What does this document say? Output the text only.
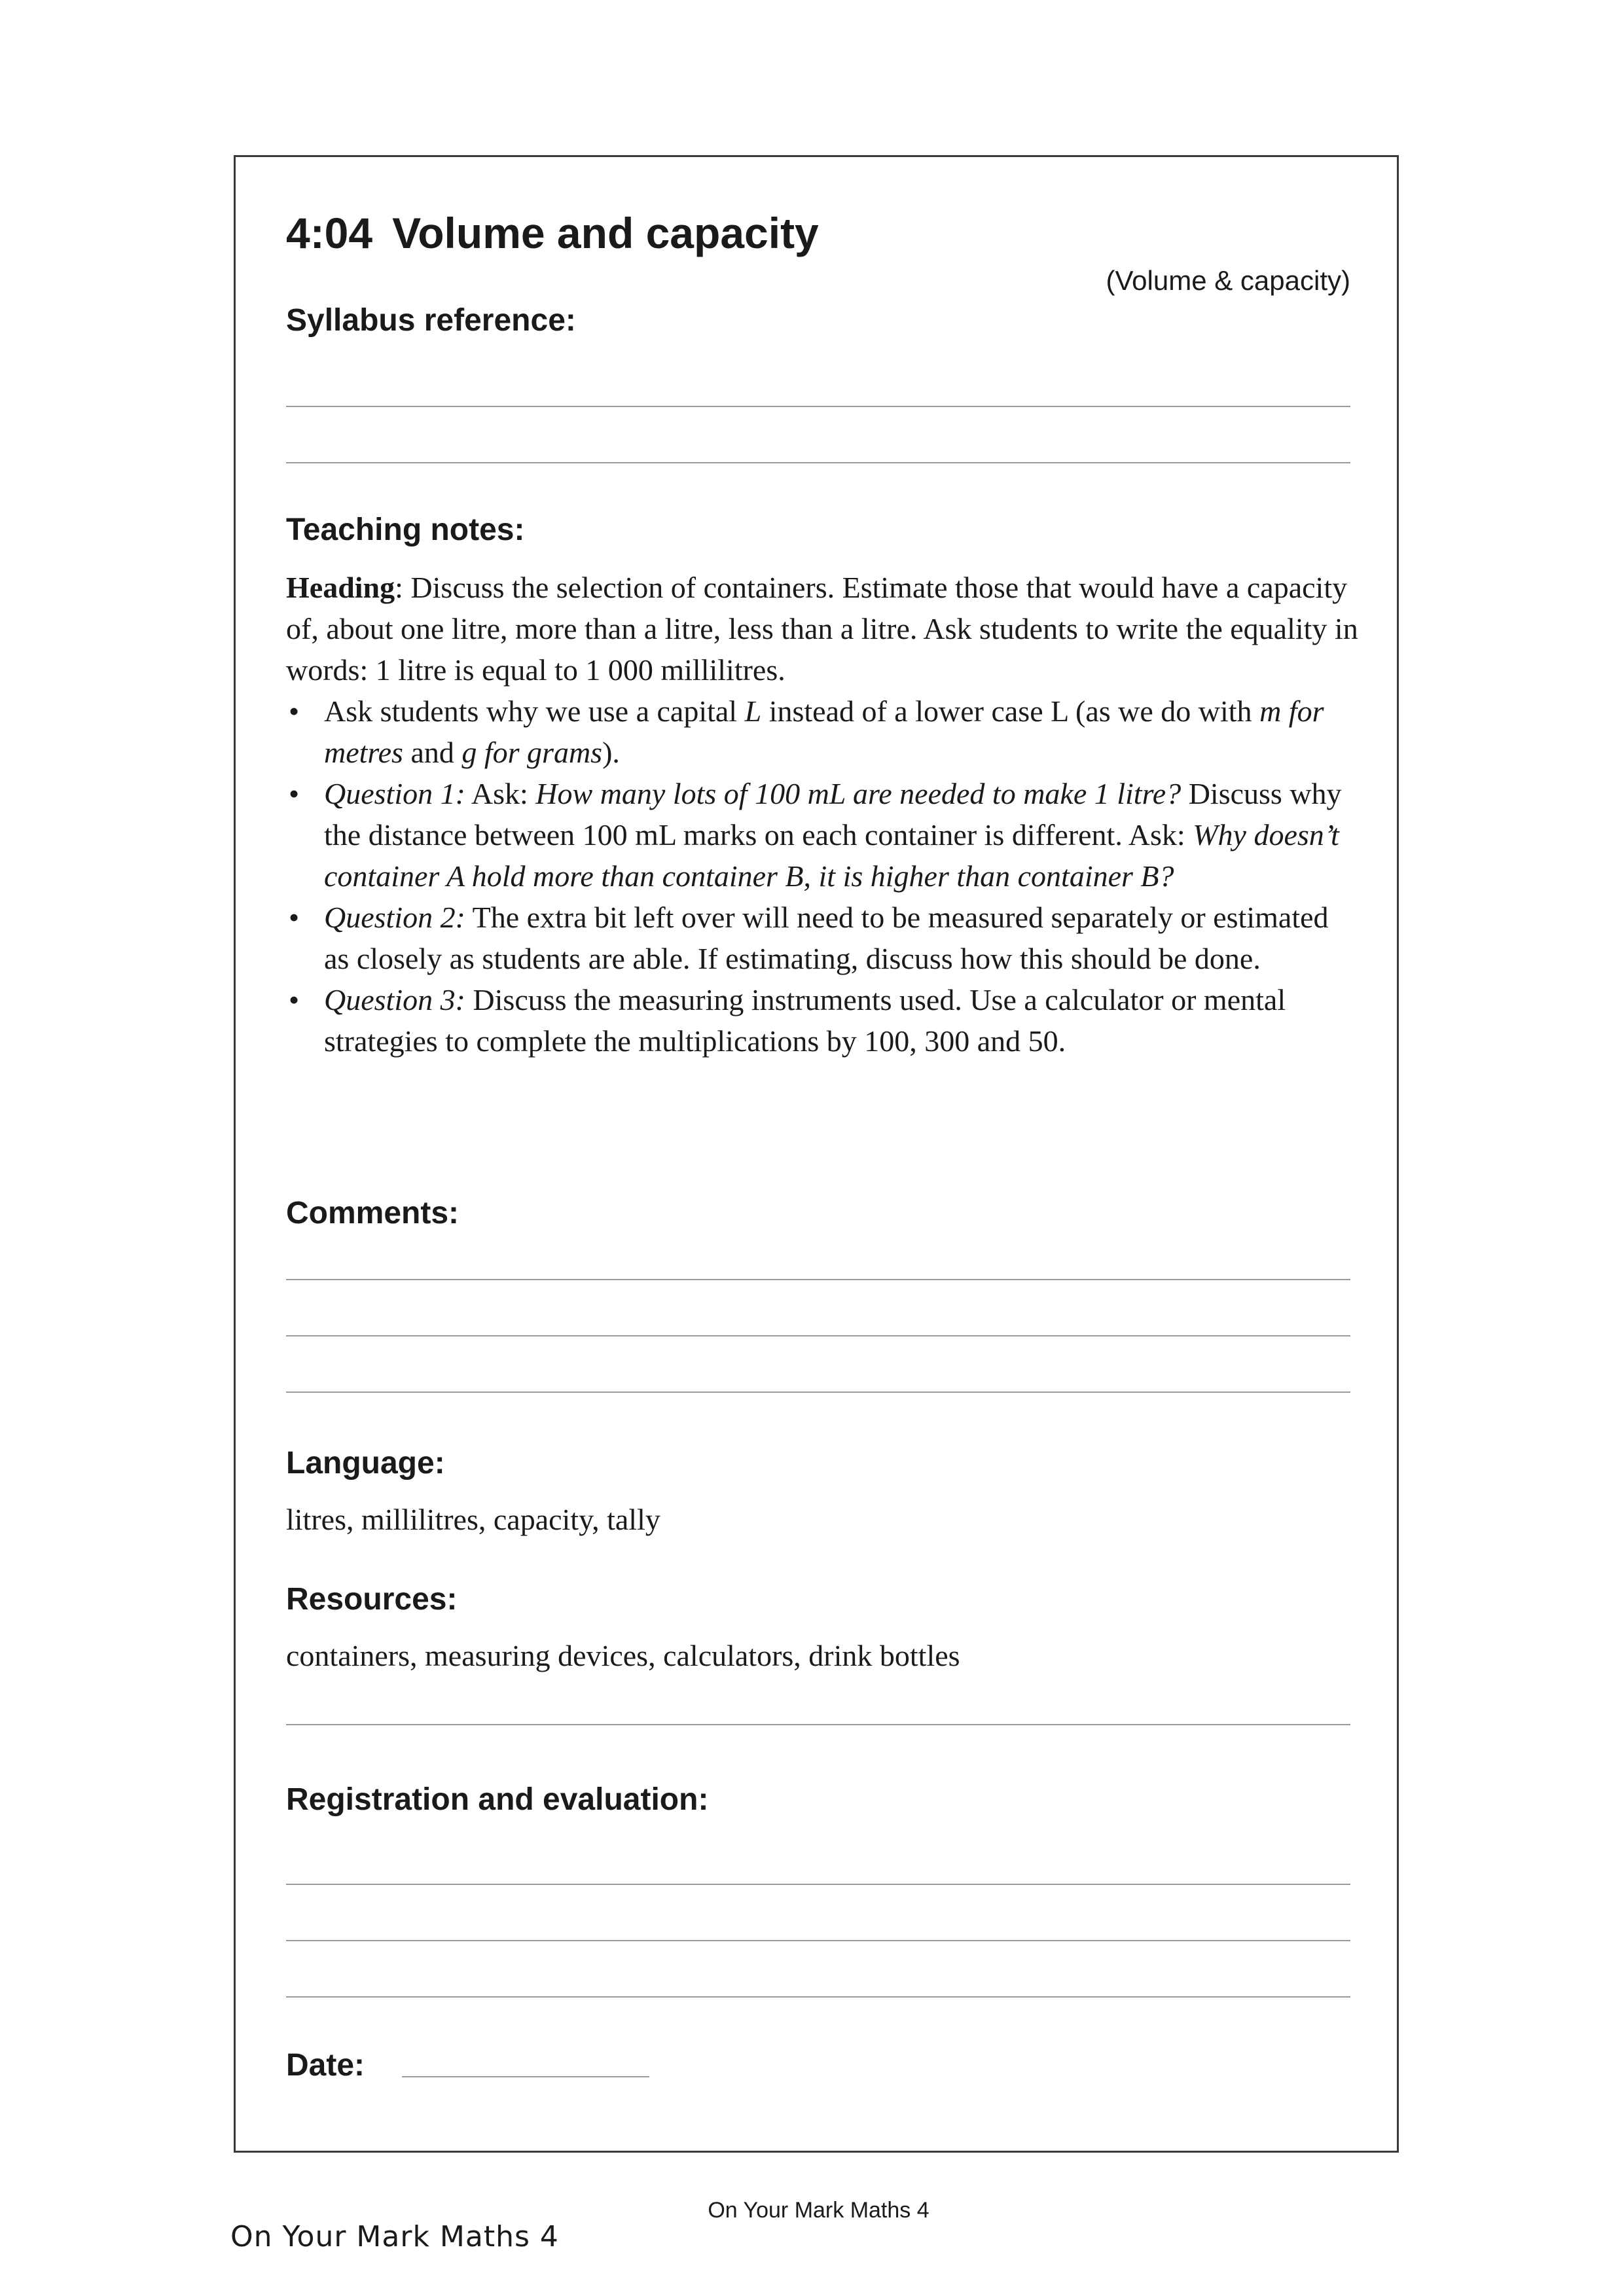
4:04 Volume and capacity
(Volume & capacity)
Syllabus reference:
Teaching notes:

Heading: Discuss the selection of containers. Estimate those that would have a capacity of, about one litre, more than a litre, less than a litre. Ask students to write the equality in words: 1 litre is equal to 1 000 millilitres.

• Ask students why we use a capital L instead of a lower case L (as we do with m for metres and g for grams).
• Question 1: Ask: How many lots of 100 mL are needed to make 1 litre? Discuss why the distance between 100 mL marks on each container is different. Ask: Why doesn’t container A hold more than container B, it is higher than container B?
• Question 2: The extra bit left over will need to be measured separately or estimated as closely as students are able. If estimating, discuss how this should be done.
• Question 3: Discuss the measuring instruments used. Use a calculator or mental strategies to complete the multiplications by 100, 300 and 50.
Comments:
Language:
litres, millilitres, capacity, tally
Resources:
containers, measuring devices, calculators, drink bottles
Registration and evaluation:
Date:
On Your Mark Maths 4
On Your Mark Maths 4
